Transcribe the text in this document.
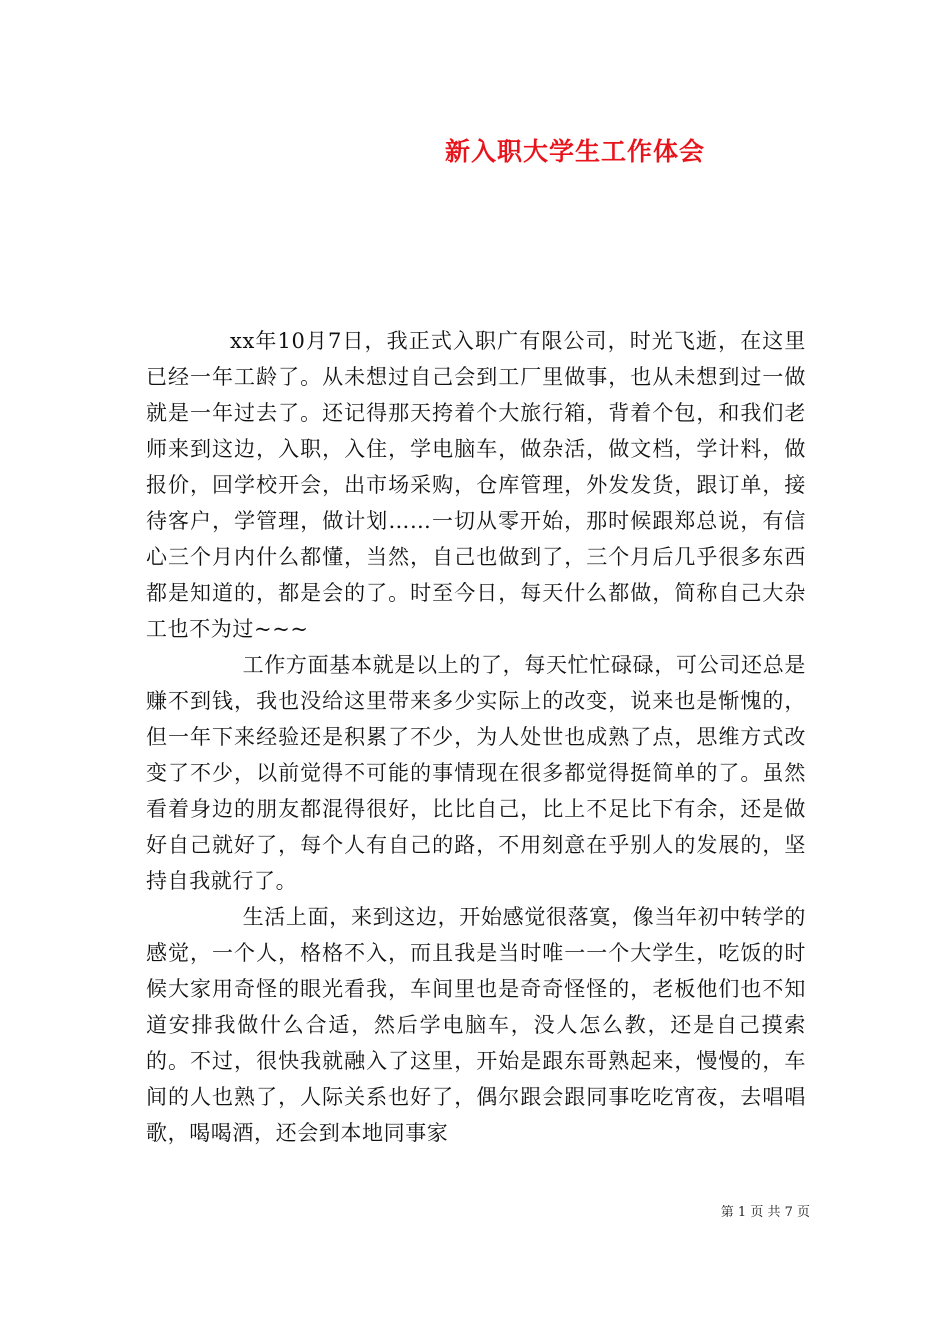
新入职大学生工作体会

xx年10月7日，我正式入职广有限公司，时光飞逝，在这里已经一年工龄了。从未想过自己会到工厂里做事，也从未想到过一做就是一年过去了。还记得那天挎着个大旅行箱，背着个包，和我们老师来到这边，入职，入住，学电脑车，做杂活，做文档，学计料，做报价，回学校开会，出市场采购，仓库管理，外发发货，跟订单，接待客户，学管理，做计划……一切从零开始，那时候跟郑总说，有信心三个月内什么都懂，当然，自己也做到了，三个月后几乎很多东西都是知道的，都是会的了。时至今日，每天什么都做，简称自己大杂工也不为过~~~

工作方面基本就是以上的了，每天忙忙碌碌，可公司还总是赚不到钱，我也没给这里带来多少实际上的改变，说来也是惭愧的，但一年下来经验还是积累了不少，为人处世也成熟了点，思维方式改变了不少，以前觉得不可能的事情现在很多都觉得挺简单的了。虽然看着身边的朋友都混得很好，比比自己，比上不足比下有余，还是做好自己就好了，每个人有自己的路，不用刻意在乎别人的发展的，坚持自我就行了。

生活上面，来到这边，开始感觉很落寞，像当年初中转学的感觉，一个人，格格不入，而且我是当时唯一一个大学生，吃饭的时候大家用奇怪的眼光看我，车间里也是奇奇怪怪的，老板他们也不知道安排我做什么合适，然后学电脑车，没人怎么教，还是自己摸索的。不过，很快我就融入了这里，开始是跟东哥熟起来，慢慢的，车间的人也熟了，人际关系也好了，偶尔跟会跟同事吃吃宵夜，去唱唱歌，喝喝酒，还会到本地同事家

第 1 页 共 7 页
